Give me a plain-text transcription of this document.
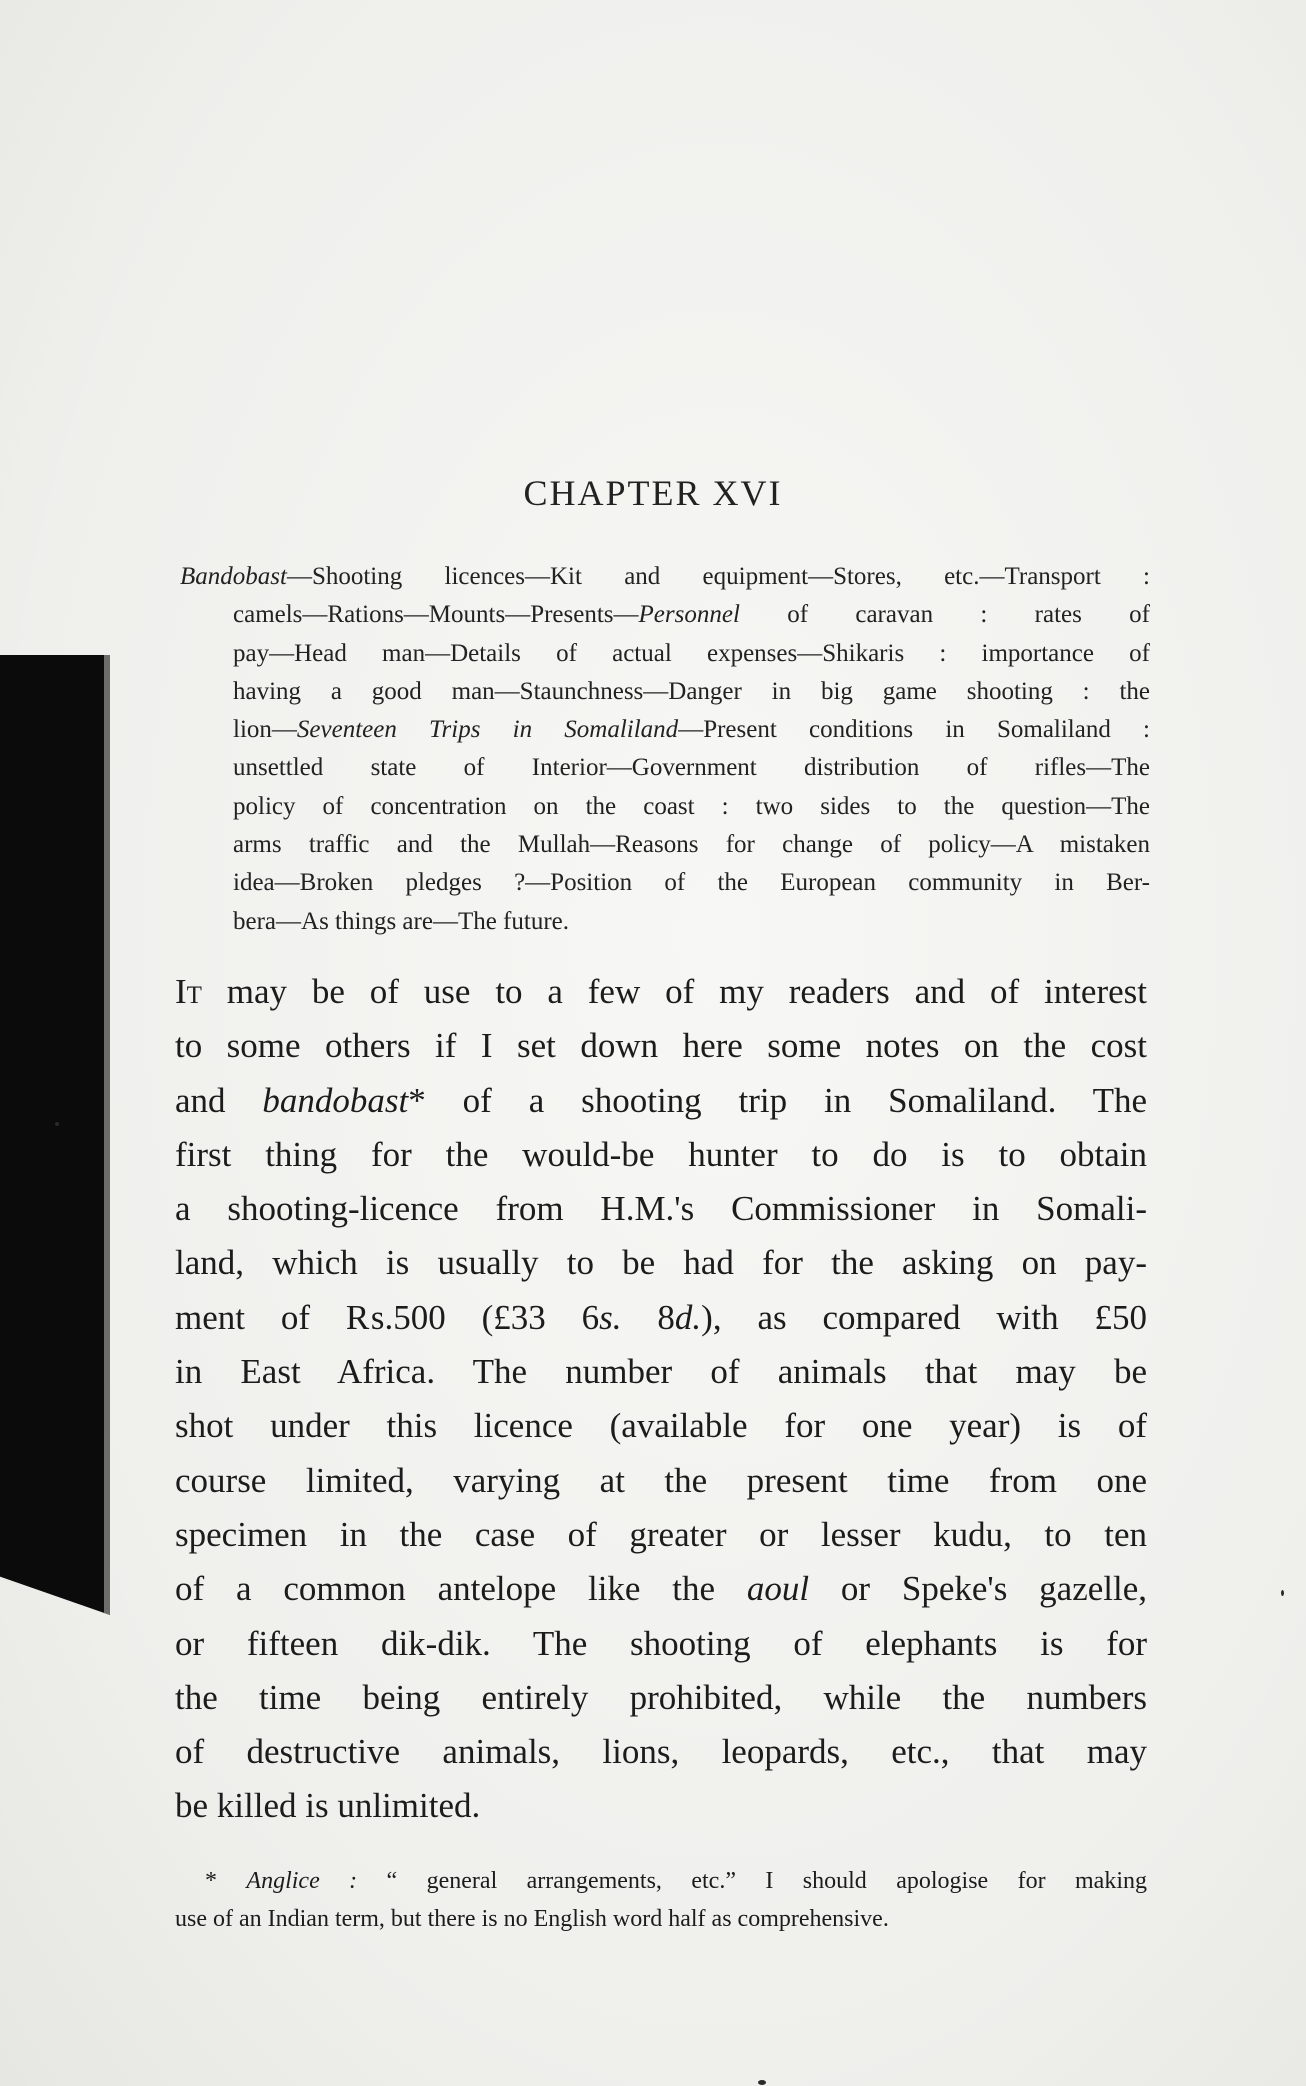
CHAPTER XVI
Bandobast—Shooting licences—Kit and equipment—Stores, etc.—Transport :
camels—Rations—Mounts—Presents—Personnel of caravan : rates of
pay—Head man—Details of actual expenses—Shikaris : importance of
having a good man—Staunchness—Danger in big game shooting : the
lion—Seventeen Trips in Somaliland—Present conditions in Somaliland :
unsettled state of Interior—Government distribution of rifles—The
policy of concentration on the coast : two sides to the question—The
arms traffic and the Mullah—Reasons for change of policy—A mistaken
idea—Broken pledges ?—Position of the European community in Ber-
bera—As things are—The future.
It may be of use to a few of my readers and of interest
to some others if I set down here some notes on the cost
and bandobast* of a shooting trip in Somaliland. The
first thing for the would-be hunter to do is to obtain
a shooting-licence from H.M.'s Commissioner in Somali-
land, which is usually to be had for the asking on pay-
ment of ₨.500 (£33 6s. 8d.), as compared with £50
in East Africa. The number of animals that may be
shot under this licence (available for one year) is of
course limited, varying at the present time from one
specimen in the case of greater or lesser kudu, to ten
of a common antelope like the aoul or Speke's gazelle,
or fifteen dik-dik. The shooting of elephants is for
the time being entirely prohibited, while the numbers
of destructive animals, lions, leopards, etc., that may
be killed is unlimited.
* Anglice : “ general arrangements, etc.” I should apologise for making
use of an Indian term, but there is no English word half as comprehensive.
